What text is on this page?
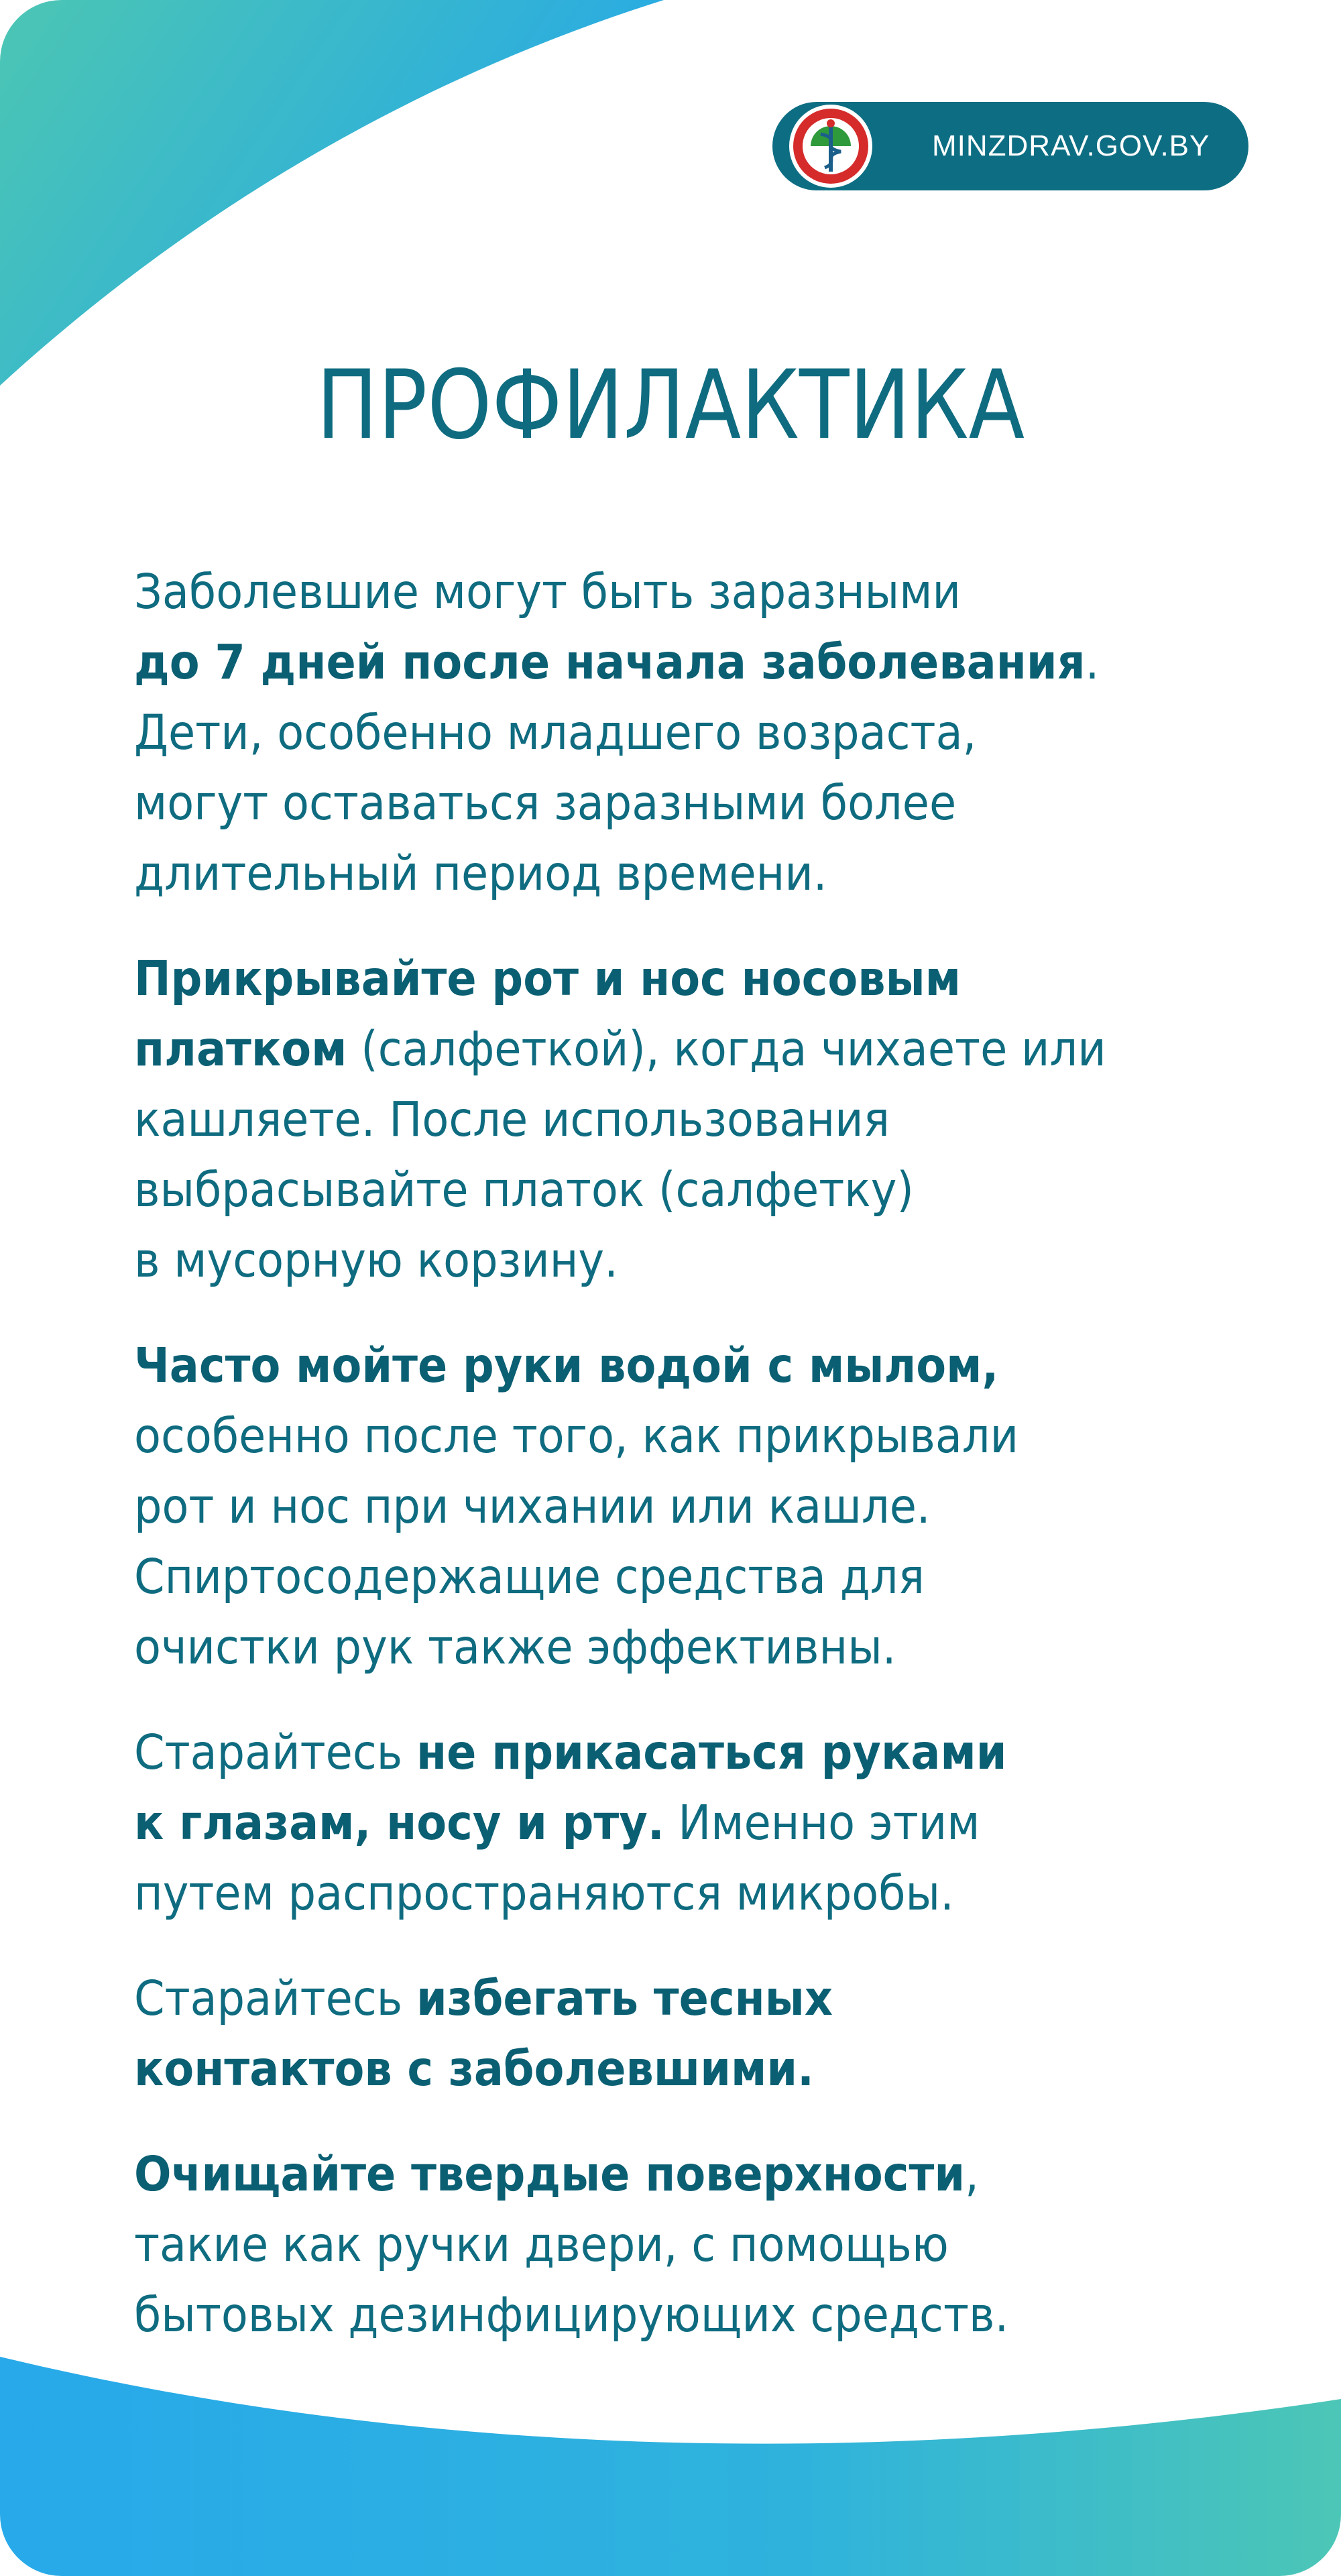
MINZDRAV.GOV.BY
ПРОФИЛАКТИКА
Заболевшие могут быть заразными
до 7 дней после начала заболевания.
Дети, особенно младшего возраста,
могут оставаться заразными более
длительный период времени.
Прикрывайте рот и нос носовым
платком (салфеткой), когда чихаете или
кашляете. После использования
выбрасывайте платок (салфетку)
в мусорную корзину.
Часто мойте руки водой с мылом,
особенно после того, как прикрывали
рот и нос при чихании или кашле.
Спиртосодержащие средства для
очистки рук также эффективны.
Старайтесь не прикасаться руками
к глазам, носу и рту. Именно этим
путем распространяются микробы.
Старайтесь избегать тесных
контактов с заболевшими.
Очищайте твердые поверхности,
такие как ручки двери, с помощью
бытовых дезинфицирующих средств.
